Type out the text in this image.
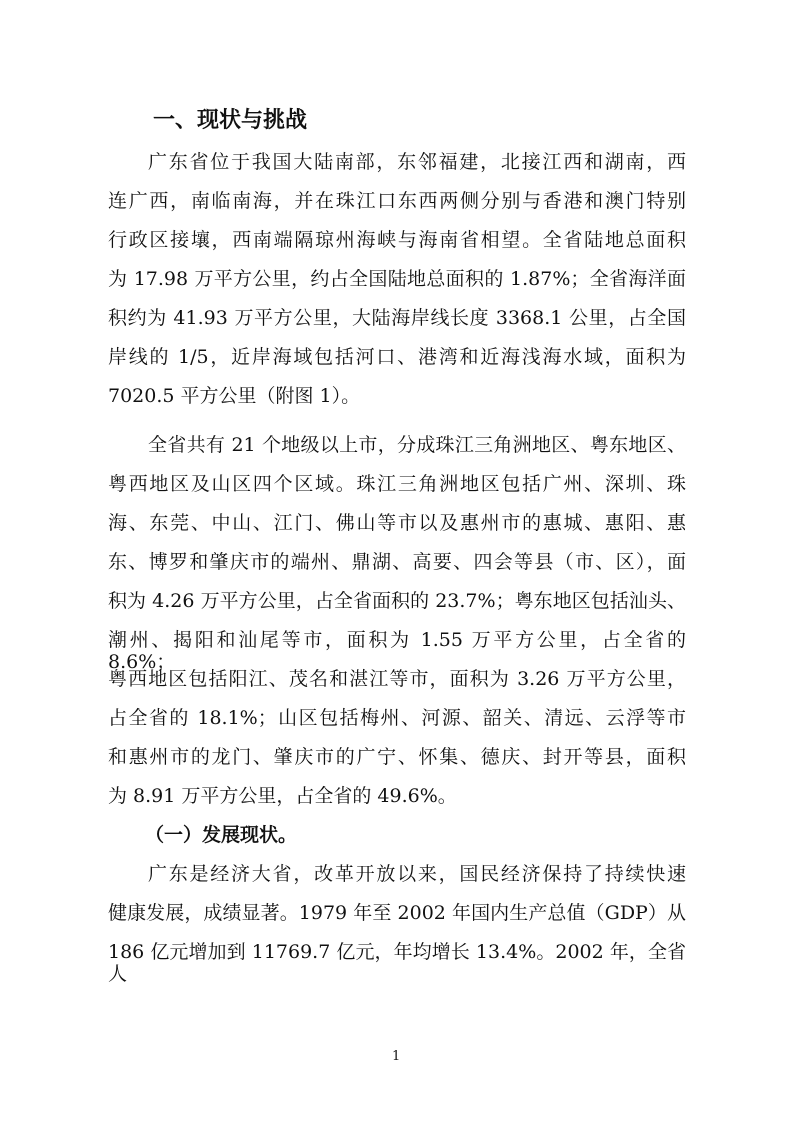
一、现状与挑战
广东省位于我国大陆南部，东邻福建，北接江西和湖南，西
连广西，南临南海，并在珠江口东西两侧分别与香港和澳门特别
行政区接壤，西南端隔琼州海峡与海南省相望。全省陆地总面积
为 17.98 万平方公里，约占全国陆地总面积的 1.87%；全省海洋面
积约为 41.93 万平方公里，大陆海岸线长度 3368.1 公里，占全国
岸线的 1/5，近岸海域包括河口、港湾和近海浅海水域，面积为
7020.5 平方公里（附图 1）。
全省共有 21 个地级以上市，分成珠江三角洲地区、粤东地区、
粤西地区及山区四个区域。珠江三角洲地区包括广州、深圳、珠
海、东莞、中山、江门、佛山等市以及惠州市的惠城、惠阳、惠
东、博罗和肇庆市的端州、鼎湖、高要、四会等县（市、区），面
积为 4.26 万平方公里，占全省面积的 23.7%；粤东地区包括汕头、
潮州、揭阳和汕尾等市，面积为 1.55 万平方公里，占全省的 8.6%；
粤西地区包括阳江、茂名和湛江等市，面积为 3.26 万平方公里，
占全省的 18.1%；山区包括梅州、河源、韶关、清远、云浮等市
和惠州市的龙门、肇庆市的广宁、怀集、德庆、封开等县，面积
为 8.91 万平方公里，占全省的 49.6%。
（一）发展现状。
广东是经济大省，改革开放以来，国民经济保持了持续快速
健康发展，成绩显著。1979 年至 2002 年国内生产总值（GDP）从
186 亿元增加到 11769.7 亿元，年均增长 13.4%。2002 年，全省人
1
